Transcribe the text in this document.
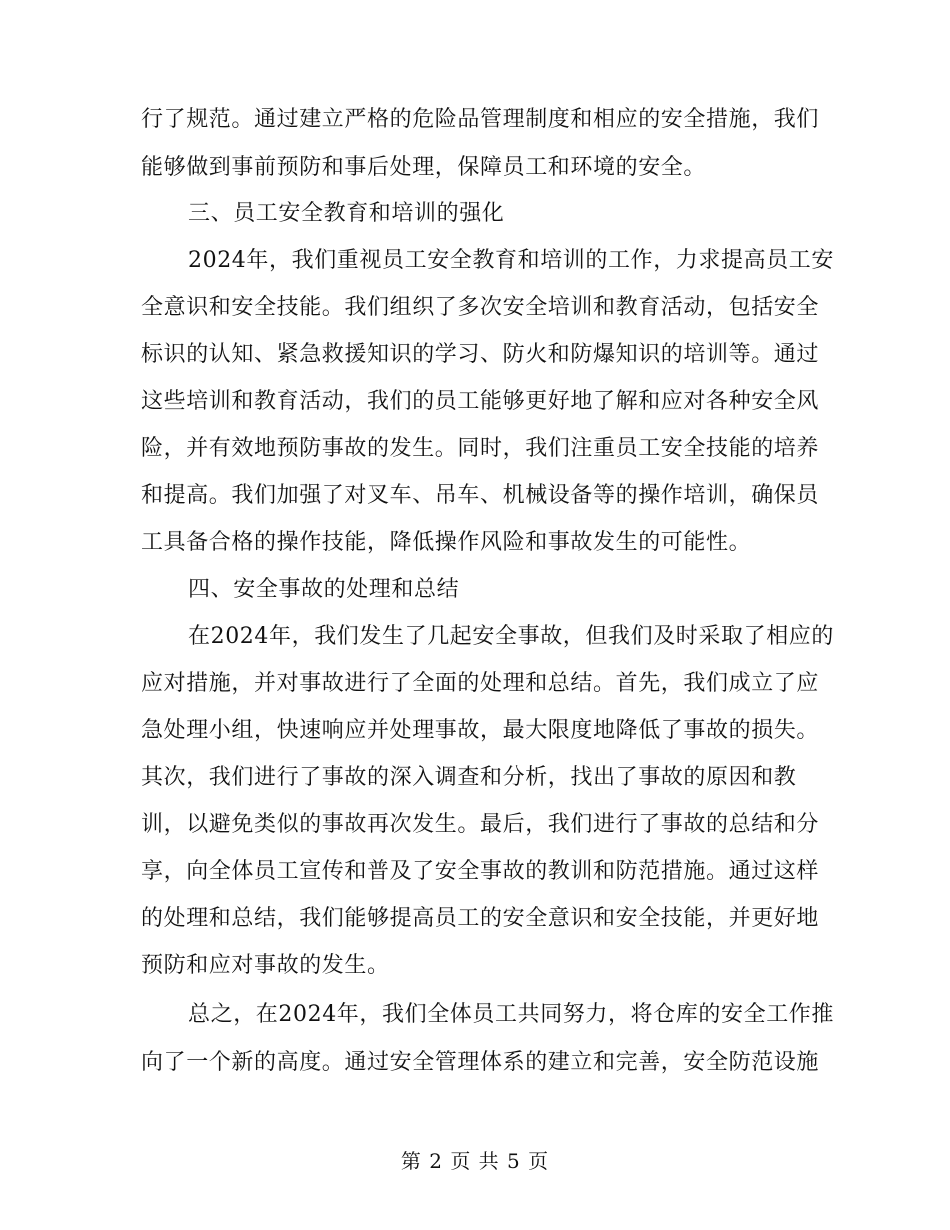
行了规范。通过建立严格的危险品管理制度和相应的安全措施，我们
能够做到事前预防和事后处理，保障员工和环境的安全。
三、员工安全教育和培训的强化
2024年，我们重视员工安全教育和培训的工作，力求提高员工安
全意识和安全技能。我们组织了多次安全培训和教育活动，包括安全
标识的认知、紧急救援知识的学习、防火和防爆知识的培训等。通过
这些培训和教育活动，我们的员工能够更好地了解和应对各种安全风
险，并有效地预防事故的发生。同时，我们注重员工安全技能的培养
和提高。我们加强了对叉车、吊车、机械设备等的操作培训，确保员
工具备合格的操作技能，降低操作风险和事故发生的可能性。
四、安全事故的处理和总结
在2024年，我们发生了几起安全事故，但我们及时采取了相应的
应对措施，并对事故进行了全面的处理和总结。首先，我们成立了应
急处理小组，快速响应并处理事故，最大限度地降低了事故的损失。
其次，我们进行了事故的深入调查和分析，找出了事故的原因和教
训，以避免类似的事故再次发生。最后，我们进行了事故的总结和分
享，向全体员工宣传和普及了安全事故的教训和防范措施。通过这样
的处理和总结，我们能够提高员工的安全意识和安全技能，并更好地
预防和应对事故的发生。
总之，在2024年，我们全体员工共同努力，将仓库的安全工作推
向了一个新的高度。通过安全管理体系的建立和完善，安全防范设施
第 2 页 共 5 页
